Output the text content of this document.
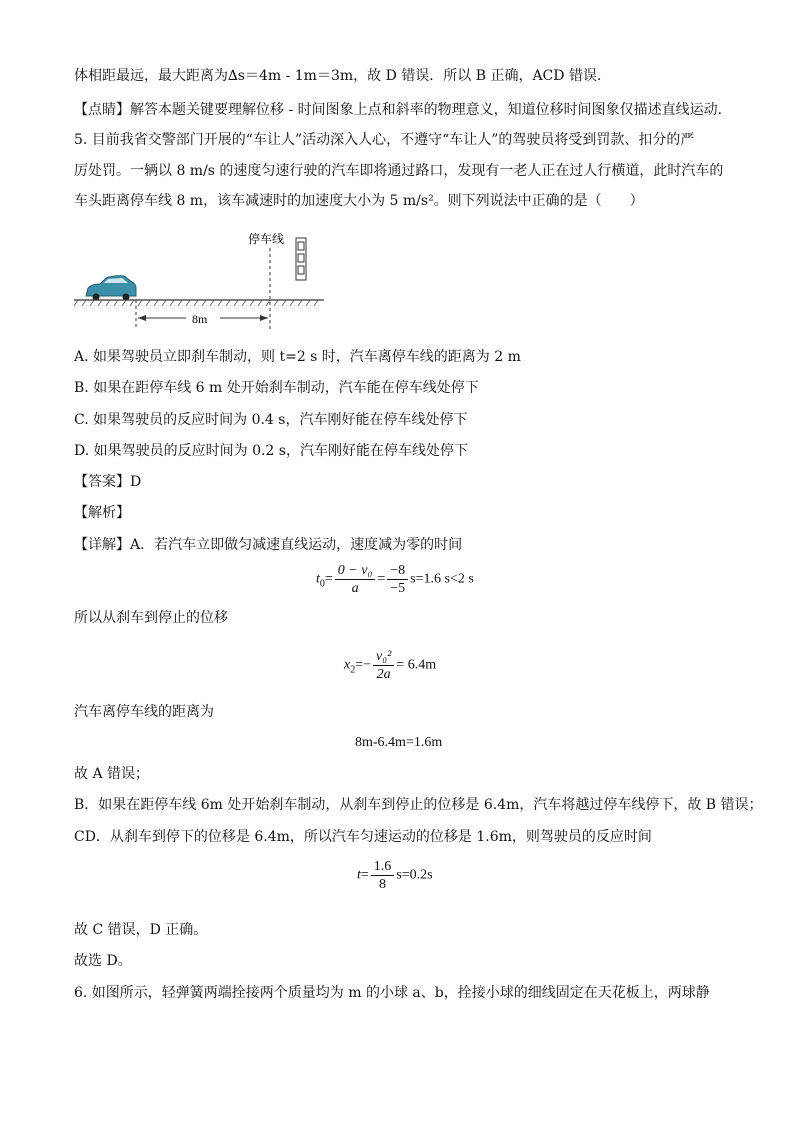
体相距最远，最大距离为∆s＝4m - 1m＝3m，故 D 错误．所以 B 正确，ACD 错误．
【点睛】解答本题关键要理解位移 - 时间图象上点和斜率的物理意义，知道位移时间图象仅描述直线运动．
5. 目前我省交警部门开展的“车让人”活动深入人心，不遵守“车让人”的驾驶员将受到罚款、扣分的严
厉处罚。一辆以 8 m/s 的速度匀速行驶的汽车即将通过路口，发现有一老人正在过人行横道，此时汽车的
车头距离停车线 8 m，该车减速时的加速度大小为 5 m/s²。则下列说法中正确的是（　　）
停车线
8m
A. 如果驾驶员立即刹车制动，则 t=2 s 时，汽车离停车线的距离为 2 m
B. 如果在距停车线 6 m 处开始刹车制动，汽车能在停车线处停下
C. 如果驾驶员的反应时间为 0.4 s，汽车刚好能在停车线处停下
D. 如果驾驶员的反应时间为 0.2 s，汽车刚好能在停车线处停下
【答案】D
【解析】
【详解】A．若汽车立即做匀减速直线运动，速度减为零的时间
$t_0= \frac{\text{0 − v₀}}{a} = \frac{-8}{-5} s=1.6$ s<2 s
所以从刹车到停止的位移
$x_2=- \frac{\text{v₀²}}{2a} = 6.4m$
汽车离停车线的距离为
8m-6.4m=1.6m
故 A 错误；
B．如果在距停车线 6m 处开始刹车制动，从刹车到停止的位移是 6.4m，汽车将越过停车线停下，故 B 错误；
CD．从刹车到停下的位移是 6.4m，所以汽车匀速运动的位移是 1.6m，则驾驶员的反应时间
$t= \frac{1.6}{8} s=0.2s$
故 C 错误，D 正确。
故选 D。
6. 如图所示，轻弹簧两端拴接两个质量均为 m 的小球 a、b，拴接小球的细线固定在天花板上，两球静
